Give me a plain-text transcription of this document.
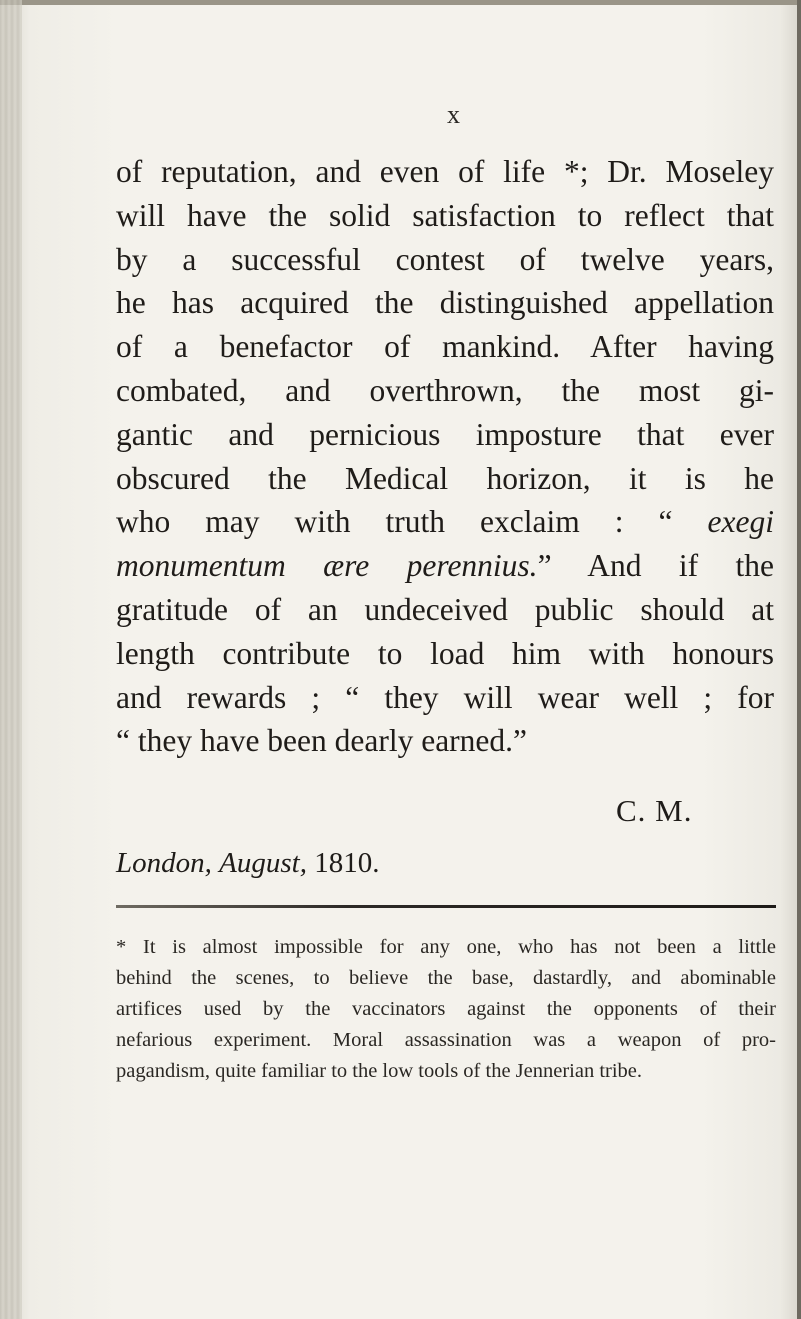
x
of reputation, and even of life *; Dr. Moseley
will have the solid satisfaction to reflect that
by a successful contest of twelve years,
he has acquired the distinguished appellation
of a benefactor of mankind. After having
combated, and overthrown, the most gi-
gantic and pernicious imposture that ever
obscured the Medical horizon, it is he
who may with truth exclaim : “ exegi
monumentum ære perennius.” And if the
gratitude of an undeceived public should at
length contribute to load him with honours
and rewards ; “ they will wear well ; for
“ they have been dearly earned.”
C. M.
London, August, 1810.
* It is almost impossible for any one, who has not been a little
behind the scenes, to believe the base, dastardly, and abominable
artifices used by the vaccinators against the opponents of their
nefarious experiment. Moral assassination was a weapon of pro-
pagandism, quite familiar to the low tools of the Jennerian tribe.
